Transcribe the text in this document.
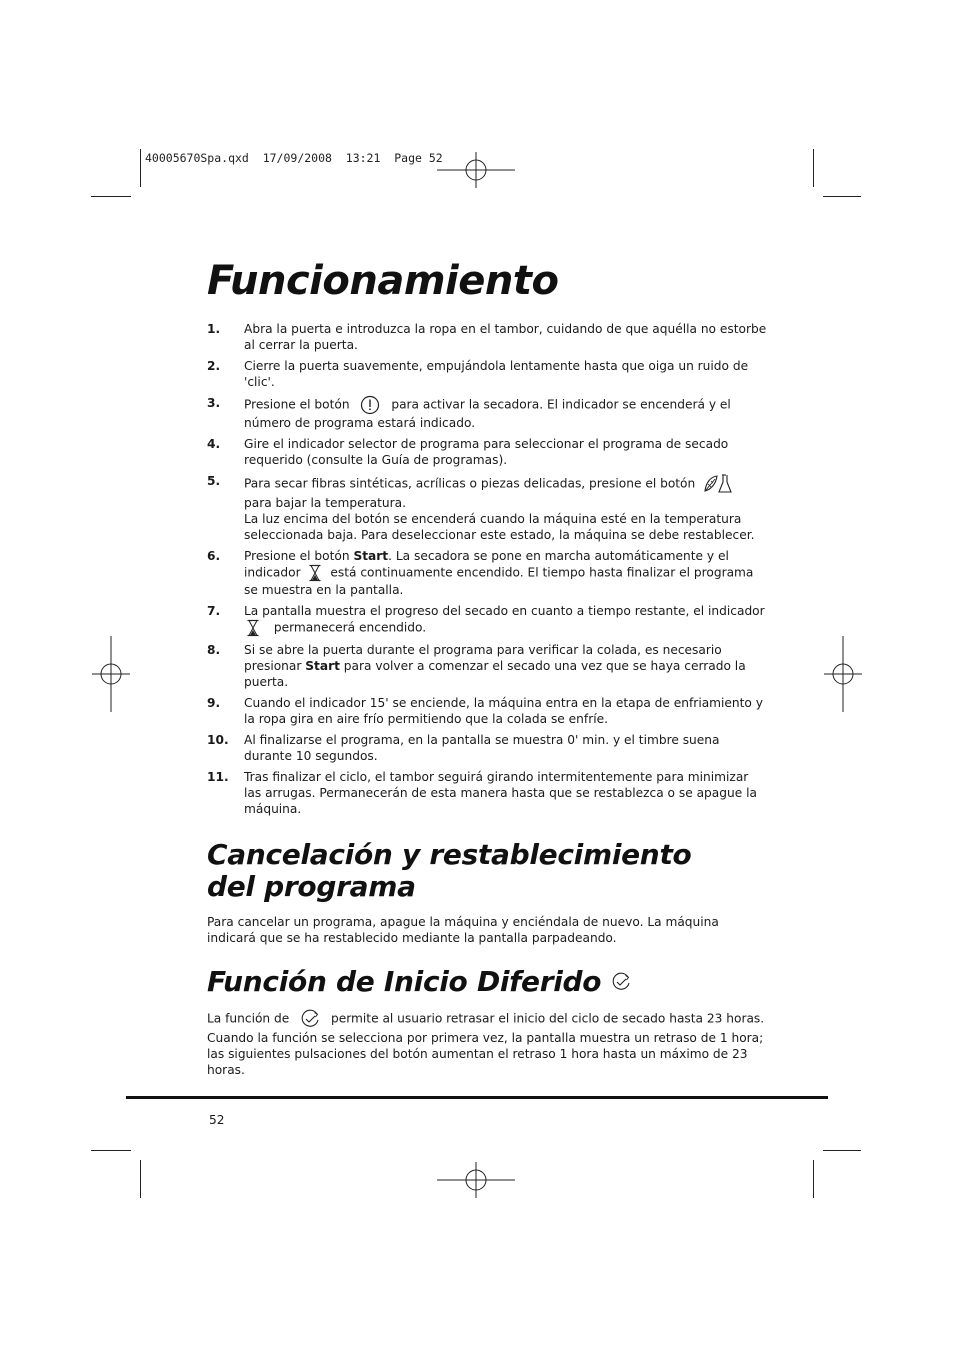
40005670Spa.qxd  17/09/2008  13:21  Page 52
Funcionamiento
1. Abra la puerta e introduzca la ropa en el tambor, cuidando de que aquélla no estorbe al cerrar la puerta.
2. Cierre la puerta suavemente, empujándola lentamente hasta que oiga un ruido de 'clic'.
3. Presione el botón	para activar la secadora. El indicador se encenderá y el número de programa estará indicado.
4. Gire el indicador selector de programa para seleccionar el programa de secado requerido (consulte la Guía de programas).
5. Para secar fibras sintéticas, acrílicas o piezas delicadas, presione el botón  para bajar la temperatura.
La luz encima del botón se encenderá cuando la máquina esté en la temperatura seleccionada baja. Para deseleccionar este estado, la máquina se debe restablecer.
6. Presione el botón Start. La secadora se pone en marcha automáticamente y el indicador está continuamente encendido. El tiempo hasta finalizar el programa se muestra en la pantalla.
7. La pantalla muestra el progreso del secado en cuanto a tiempo restante, el indicador
permanecerá encendido.
8. Si se abre la puerta durante el programa para verificar la colada, es necesario presionar Start para volver a comenzar el secado una vez que se haya cerrado la puerta.
9. Cuando el indicador 15' se enciende, la máquina entra en la etapa de enfriamiento y la ropa gira en aire frío permitiendo que la colada se enfríe.
10. Al finalizarse el programa, en la pantalla se muestra 0' min. y el timbre suena durante 10 segundos.
11. Tras finalizar el ciclo, el tambor seguirá girando intermitentemente para minimizar las arrugas. Permanecerán de esta manera hasta que se restablezca o se apague la máquina.
Cancelación y restablecimiento del programa

Para cancelar un programa, apague la máquina y enciéndala de nuevo. La máquina indicará que se ha restablecido mediante la pantalla parpadeando.

Función de Inicio Diferido
La función de	permite al usuario retrasar el inicio del ciclo de secado hasta 23 horas.

Cuando la función se selecciona por primera vez, la pantalla muestra un retraso de 1 hora; las siguientes pulsaciones del botón aumentan el retraso 1 hora hasta un máximo de 23 horas.

52
